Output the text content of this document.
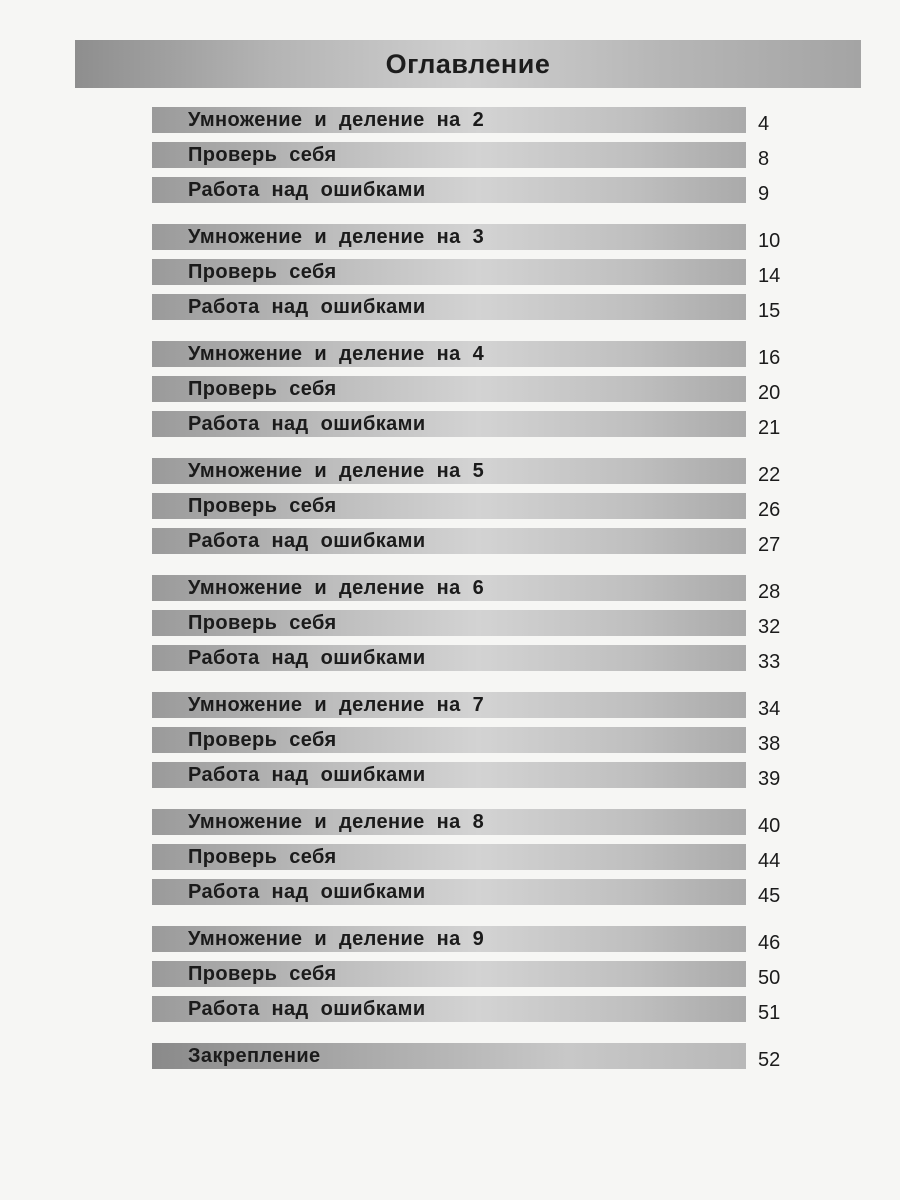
Оглавление
Умножение и деление на 2	4
Проверь себя	8
Работа над ошибками	9
Умножение и деление на 3	10
Проверь себя	14
Работа над ошибками	15
Умножение и деление на 4	16
Проверь себя	20
Работа над ошибками	21
Умножение и деление на 5	22
Проверь себя	26
Работа над ошибками	27
Умножение и деление на 6	28
Проверь себя	32
Работа над ошибками	33
Умножение и деление на 7	34
Проверь себя	38
Работа над ошибками	39
Умножение и деление на 8	40
Проверь себя	44
Работа над ошибками	45
Умножение и деление на 9	46
Проверь себя	50
Работа над ошибками	51
Закрепление	52
